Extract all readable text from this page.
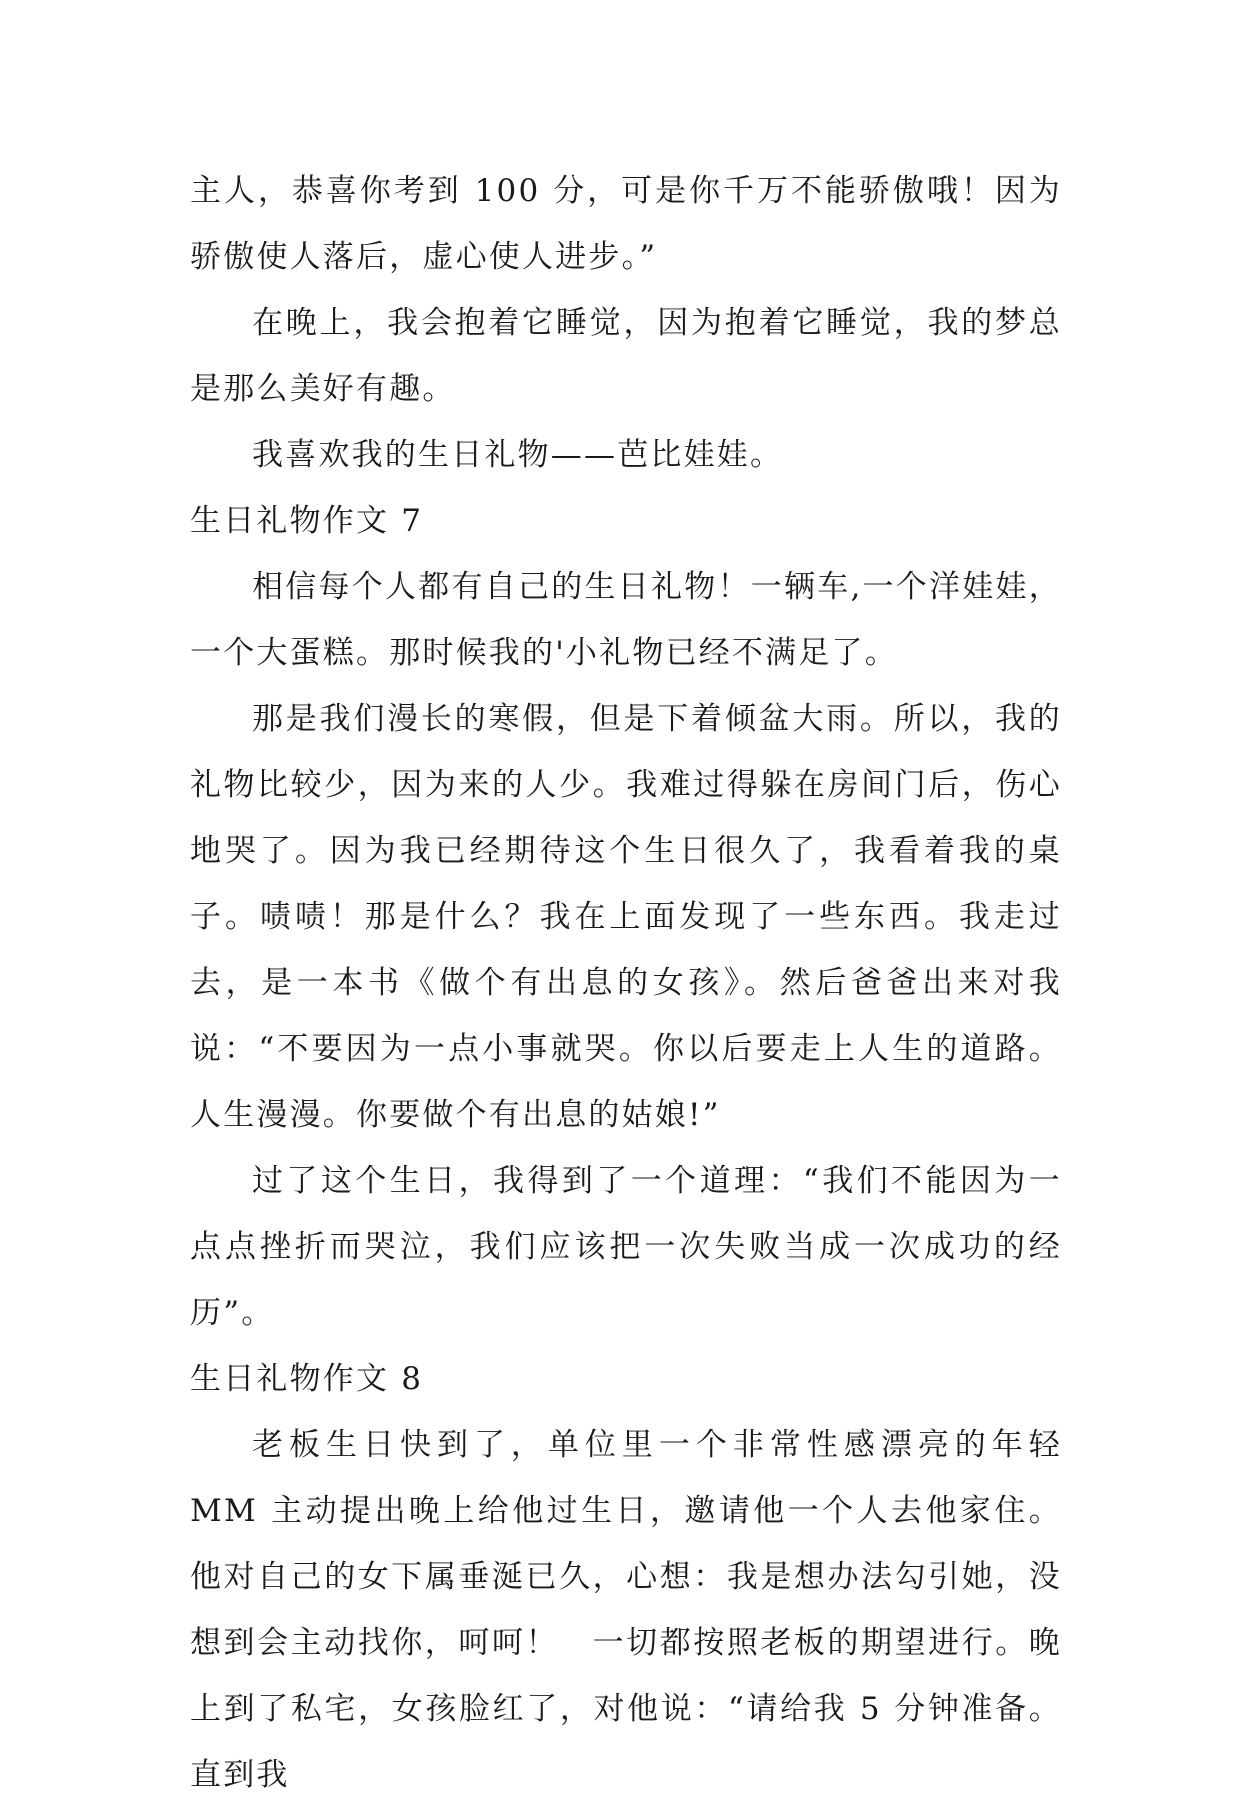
主人，恭喜你考到 100 分，可是你千万不能骄傲哦！因为骄傲使人落后，虚心使人进步。”

在晚上，我会抱着它睡觉，因为抱着它睡觉，我的梦总是那么美好有趣。

我喜欢我的生日礼物——芭比娃娃。

生日礼物作文 7

相信每个人都有自己的生日礼物！一辆车,一个洋娃娃，一个大蛋糕。那时候我的'小礼物已经不满足了。

那是我们漫长的寒假，但是下着倾盆大雨。所以，我的礼物比较少，因为来的人少。我难过得躲在房间门后，伤心地哭了。因为我已经期待这个生日很久了，我看着我的桌子。啧啧！那是什么？我在上面发现了一些东西。我走过去，是一本书《做个有出息的女孩》。然后爸爸出来对我说：“不要因为一点小事就哭。你以后要走上人生的道路。人生漫漫。你要做个有出息的姑娘!”

过了这个生日，我得到了一个道理：“我们不能因为一点点挫折而哭泣，我们应该把一次失败当成一次成功的经历”。

生日礼物作文 8

老板生日快到了，单位里一个非常性感漂亮的年轻 MM 主动提出晚上给他过生日，邀请他一个人去他家住。他对自己的女下属垂涎已久，心想：我是想办法勾引她，没想到会主动找你，呵呵！　一切都按照老板的期望进行。晚上到了私宅，女孩脸红了，对他说：“请给我 5 分钟准备。直到我
